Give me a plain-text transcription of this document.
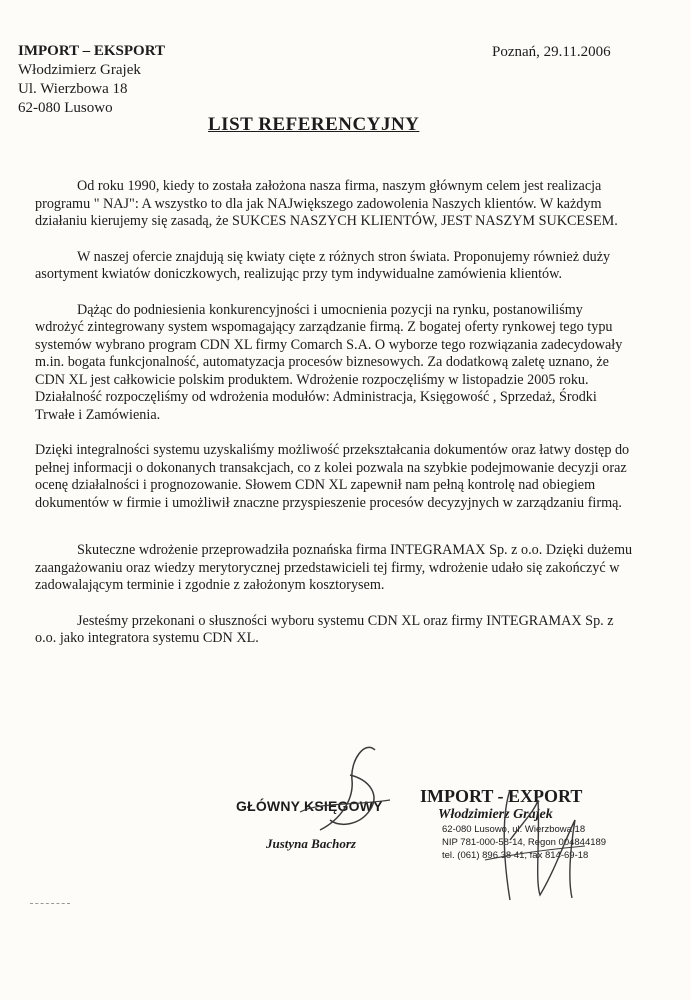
IMPORT – EKSPORT
Włodzimierz Grajek
Ul. Wierzbowa 18
62-080 Lusowo
Poznań, 29.11.2006
LIST REFERENCYJNY

Od roku 1990, kiedy to została założona nasza firma, naszym głównym celem jest realizacja programu " NAJ": A wszystko to dla jak NAJwiększego zadowolenia Naszych klientów. W każdym działaniu kierujemy się zasadą, że SUKCES NASZYCH KLIENTÓW, JEST NASZYM SUKCESEM.

W naszej ofercie znajdują się kwiaty cięte z różnych stron świata. Proponujemy również duży asortyment kwiatów doniczkowych, realizując przy tym indywidualne zamówienia klientów.

Dążąc do podniesienia konkurencyjności i umocnienia pozycji na rynku, postanowiliśmy wdrożyć zintegrowany system wspomagający zarządzanie firmą. Z bogatej oferty rynkowej tego typu systemów wybrano program CDN XL firmy Comarch S.A. O wyborze tego rozwiązania zadecydowały m.in. bogata funkcjonalność, automatyzacja procesów biznesowych. Za dodatkową zaletę uznano, że CDN XL jest całkowicie polskim produktem. Wdrożenie rozpoczęliśmy w listopadzie 2005 roku. Działalność rozpoczęliśmy od wdrożenia modułów: Administracja, Księgowość , Sprzedaż, Środki Trwałe i Zamówienia.

Dzięki integralności systemu uzyskaliśmy możliwość przekształcania dokumentów oraz łatwy dostęp do pełnej informacji o dokonanych transakcjach, co z kolei pozwala na szybkie podejmowanie decyzji oraz ocenę działalności i prognozowanie. Słowem CDN XL zapewnił nam pełną kontrolę nad obiegiem dokumentów w firmie i umożliwił znaczne przyspieszenie procesów decyzyjnych w zarządzaniu firmą.

Skuteczne wdrożenie przeprowadziła poznańska firma INTEGRAMAX Sp. z o.o. Dzięki dużemu zaangażowaniu oraz wiedzy merytorycznej przedstawicieli tej firmy, wdrożenie udało się zakończyć w zadowalającym terminie i zgodnie z założonym kosztorysem.

Jesteśmy przekonani o słuszności wyboru systemu CDN XL oraz firmy INTEGRAMAX Sp. z o.o. jako integratora systemu CDN XL.

GŁÓWNY KSIĘGOWY
Justyna Bachorz
IMPORT - EXPORT
Włodzimierz Grajek
62-080 Lusowo, ul. Wierzbowa 18
NIP 781-000-58-14, Regon 004844189
tel. (061) 896 38 41, fax 814-69-18
